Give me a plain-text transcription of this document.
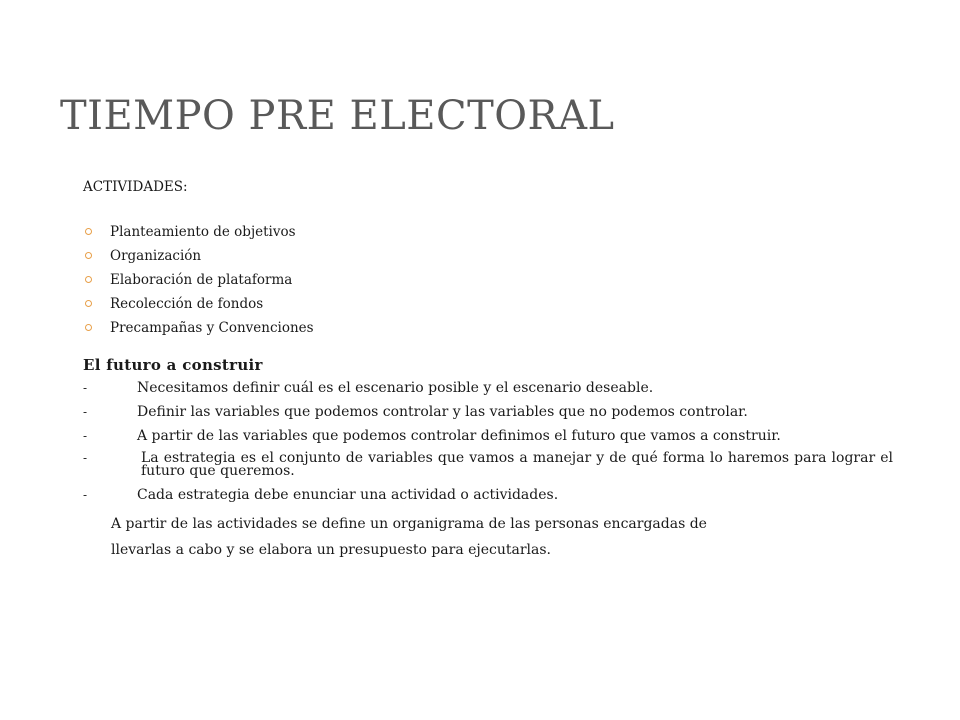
TIEMPO PRE ELECTORAL

ACTIVIDADES:

Planteamiento de objetivos
Organización
Elaboración de plataforma
Recolección de fondos
Precampañas y Convenciones

El futuro a construir

-	Necesitamos definir cuál es el escenario posible y el escenario deseable.
-	Definir las variables que podemos controlar y las variables que no podemos controlar.
-	A partir de las variables que podemos controlar definimos el futuro que vamos a construir.
-	La estrategia es el conjunto de variables que vamos a manejar y de qué forma lo haremos para lograr el futuro que queremos.
-	Cada estrategia debe enunciar una actividad o actividades.

A partir de las actividades se define un organigrama de las personas encargadas de

llevarlas a cabo y se elabora un presupuesto para ejecutarlas.
